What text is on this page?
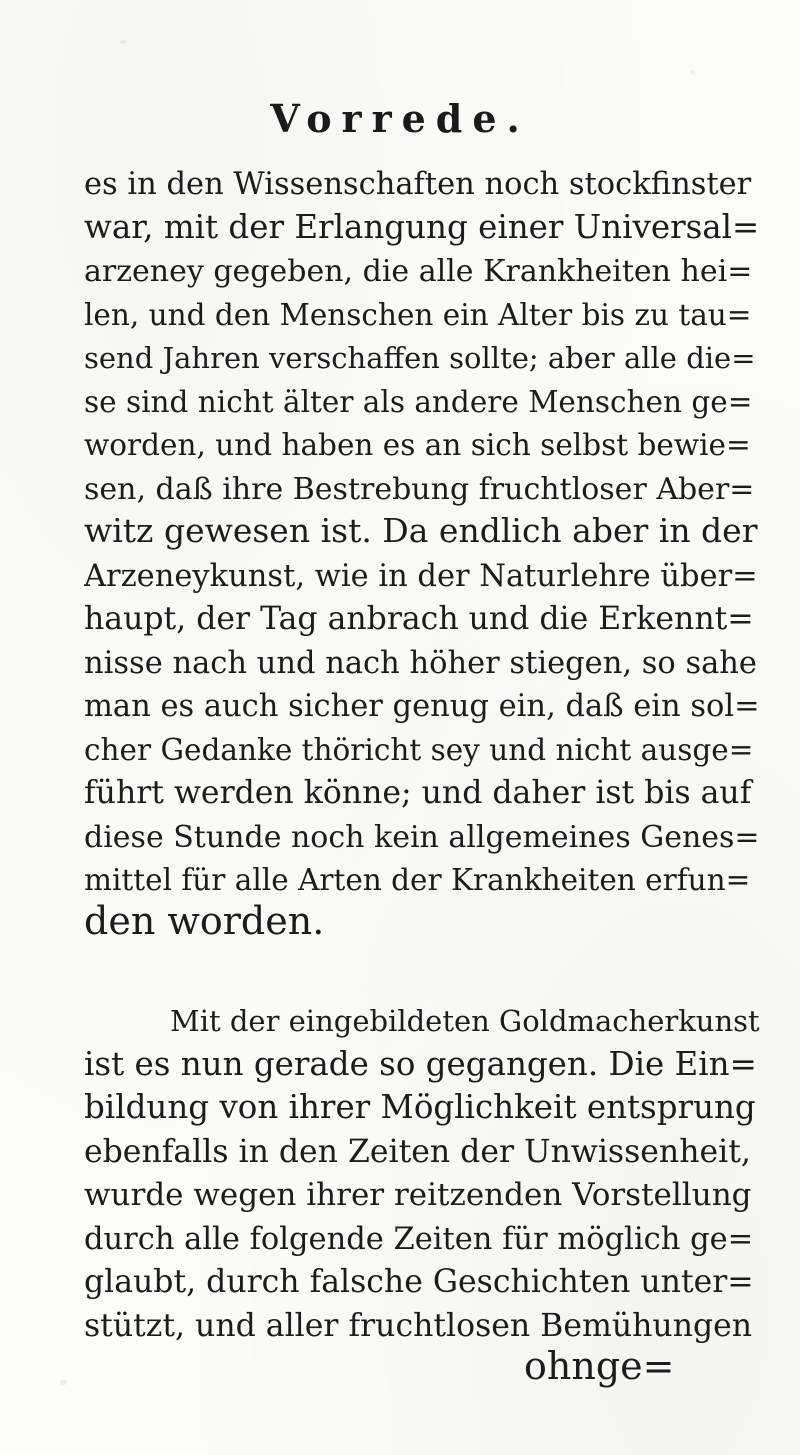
Vorrede.
es in den Wissenschaften noch stockfinster
war, mit der Erlangung einer Universal=
arzeney gegeben, die alle Krankheiten hei=
len, und den Menschen ein Alter bis zu tau=
send Jahren verschaffen sollte; aber alle die=
se sind nicht älter als andere Menschen ge=
worden, und haben es an sich selbst bewie=
sen, daß ihre Bestrebung fruchtloser Aber=
witz gewesen ist. Da endlich aber in der
Arzeneykunst, wie in der Naturlehre über=
haupt, der Tag anbrach und die Erkennt=
nisse nach und nach höher stiegen, so sahe
man es auch sicher genug ein, daß ein sol=
cher Gedanke thöricht sey und nicht ausge=
führt werden könne; und daher ist bis auf
diese Stunde noch kein allgemeines Genes=
mittel für alle Arten der Krankheiten erfun=
den worden.
Mit der eingebildeten Goldmacherkunst
ist es nun gerade so gegangen. Die Ein=
bildung von ihrer Möglichkeit entsprung
ebenfalls in den Zeiten der Unwissenheit,
wurde wegen ihrer reitzenden Vorstellung
durch alle folgende Zeiten für möglich ge=
glaubt, durch falsche Geschichten unter=
stützt, und aller fruchtlosen Bemühungen
ohnge=
